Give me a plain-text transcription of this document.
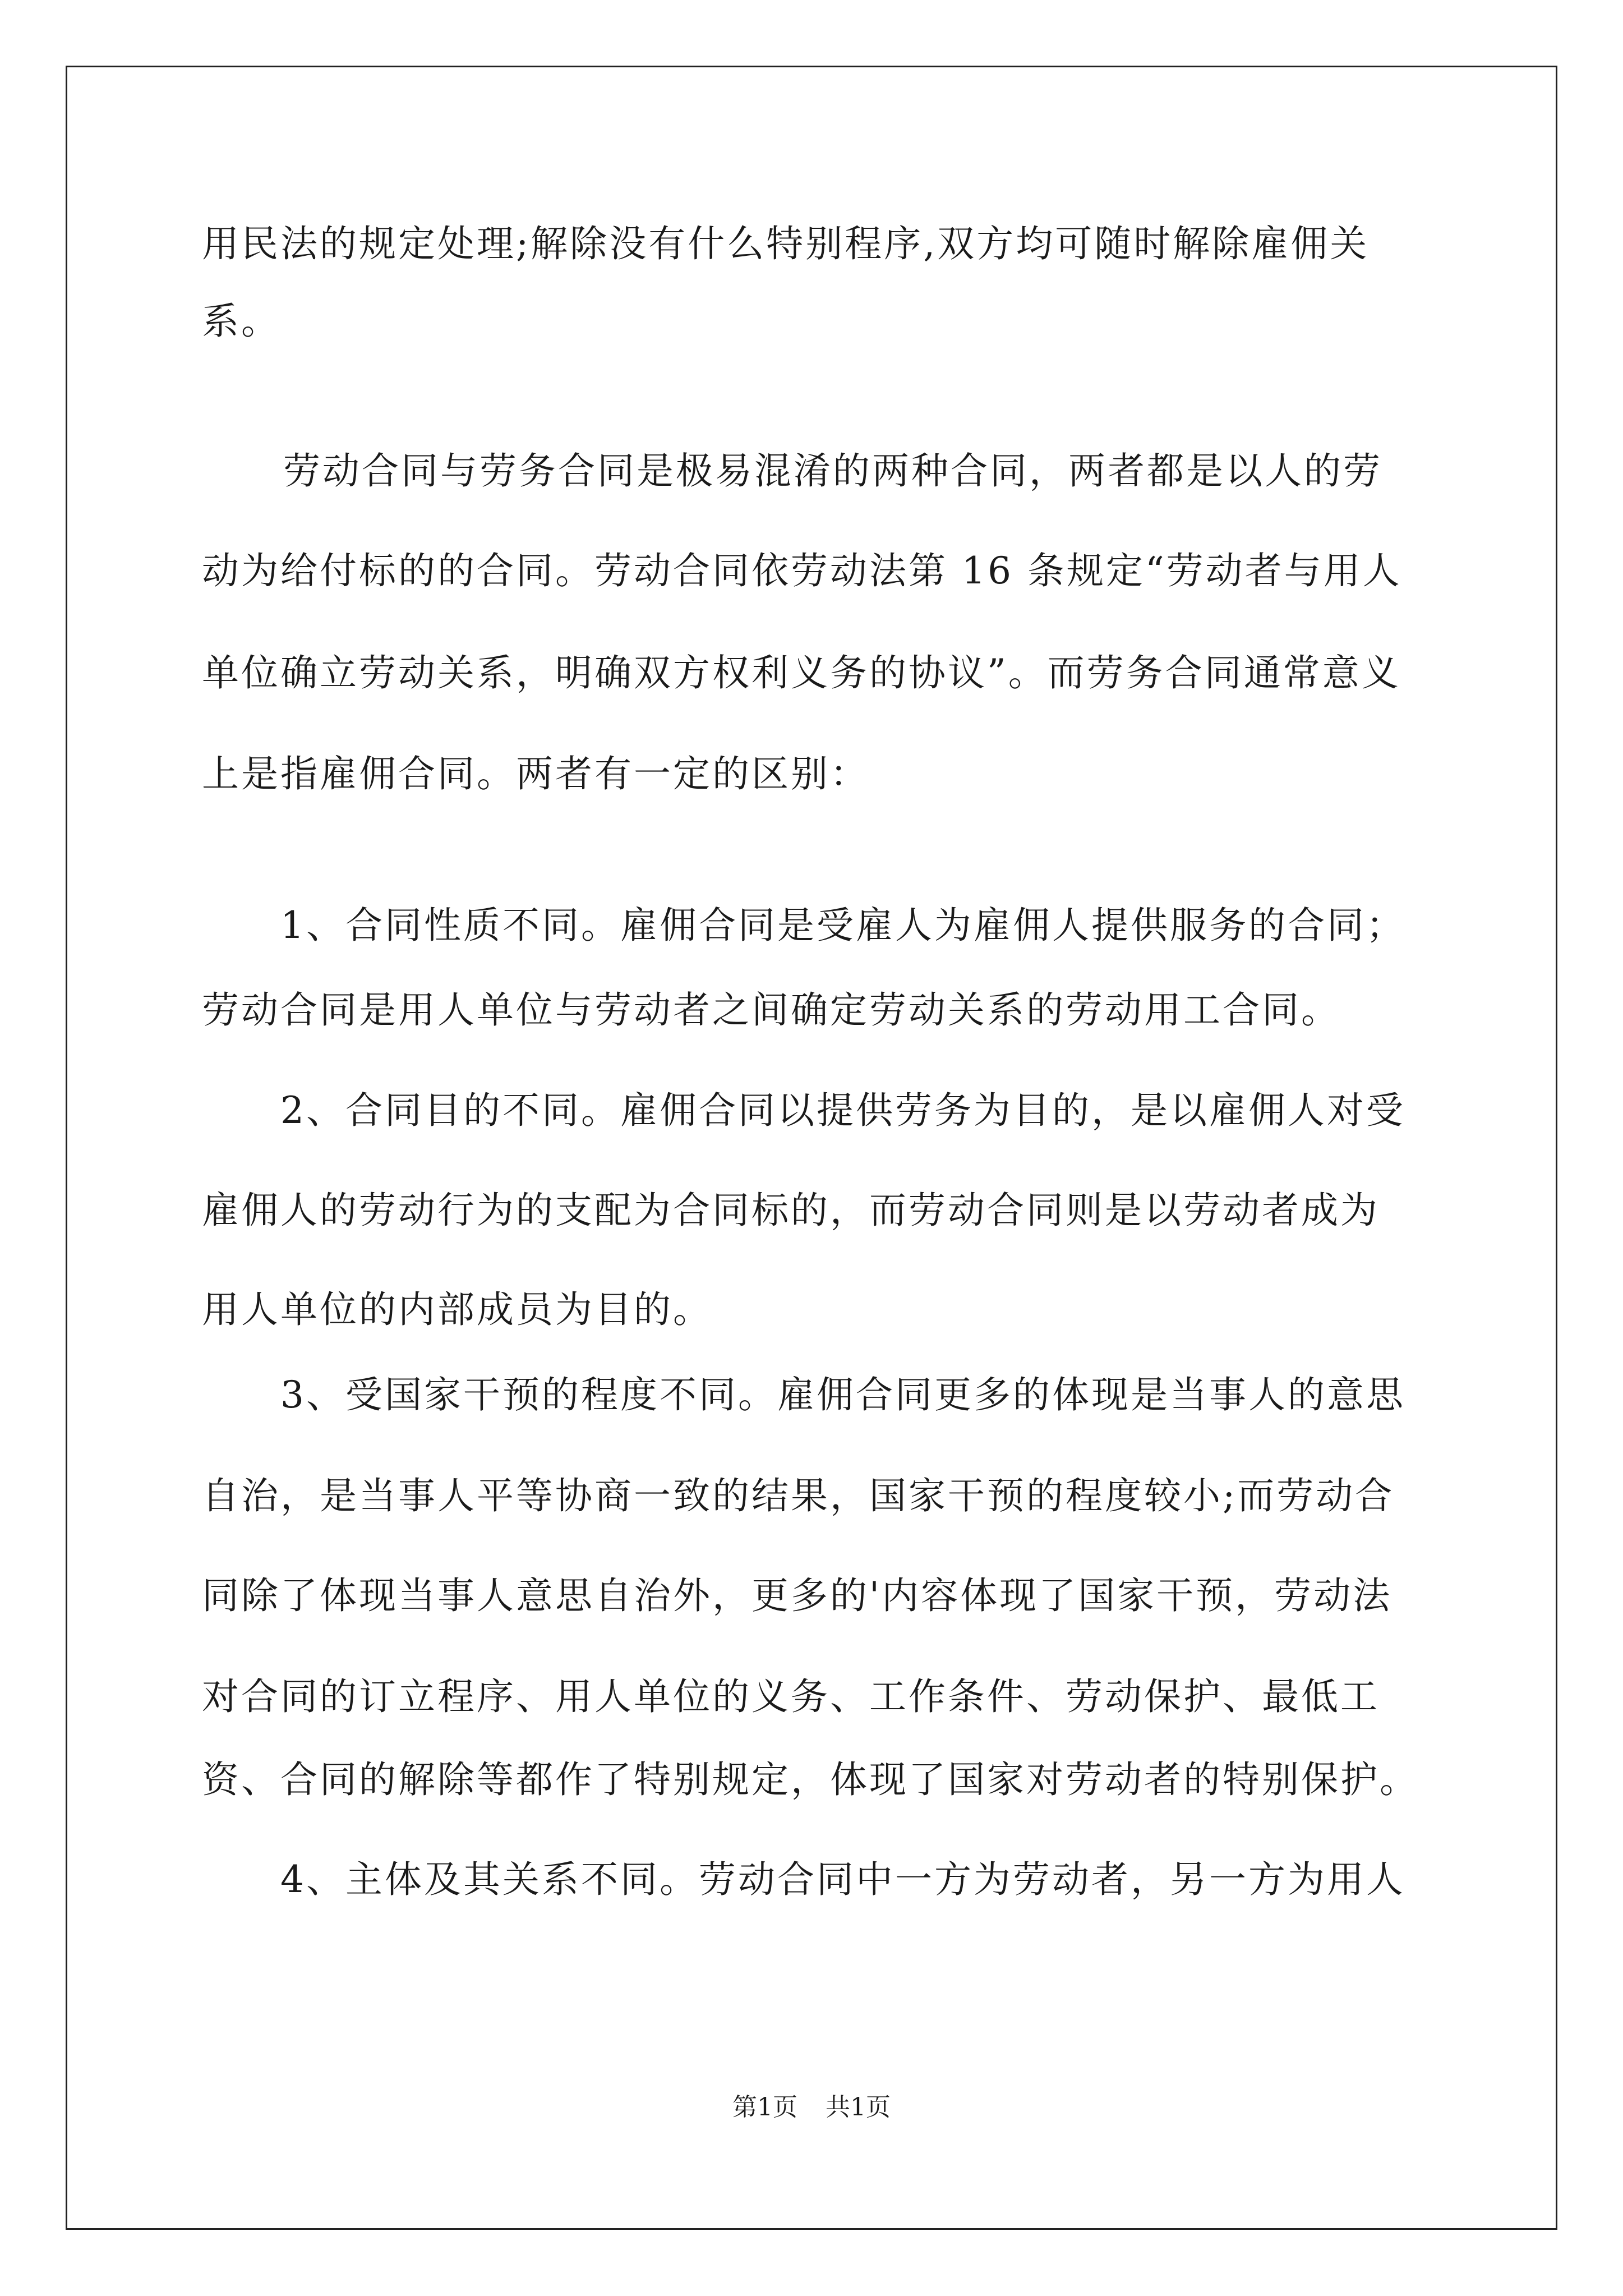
用民法的规定处理;解除没有什么特别程序,双方均可随时解除雇佣关
系。
劳动合同与劳务合同是极易混淆的两种合同，两者都是以人的劳
动为给付标的的合同。劳动合同依劳动法第 16 条规定“劳动者与用人
单位确立劳动关系，明确双方权利义务的协议”。而劳务合同通常意义
上是指雇佣合同。两者有一定的区别：
1、合同性质不同。雇佣合同是受雇人为雇佣人提供服务的合同；
劳动合同是用人单位与劳动者之间确定劳动关系的劳动用工合同。
2、合同目的不同。雇佣合同以提供劳务为目的，是以雇佣人对受
雇佣人的劳动行为的支配为合同标的，而劳动合同则是以劳动者成为
用人单位的内部成员为目的。
3、受国家干预的程度不同。雇佣合同更多的体现是当事人的意思
自治，是当事人平等协商一致的结果，国家干预的程度较小;而劳动合
同除了体现当事人意思自治外，更多的'内容体现了国家干预，劳动法
对合同的订立程序、用人单位的义务、工作条件、劳动保护、最低工
资、合同的解除等都作了特别规定，体现了国家对劳动者的特别保护。
4、主体及其关系不同。劳动合同中一方为劳动者，另一方为用人
第1页 共1页
